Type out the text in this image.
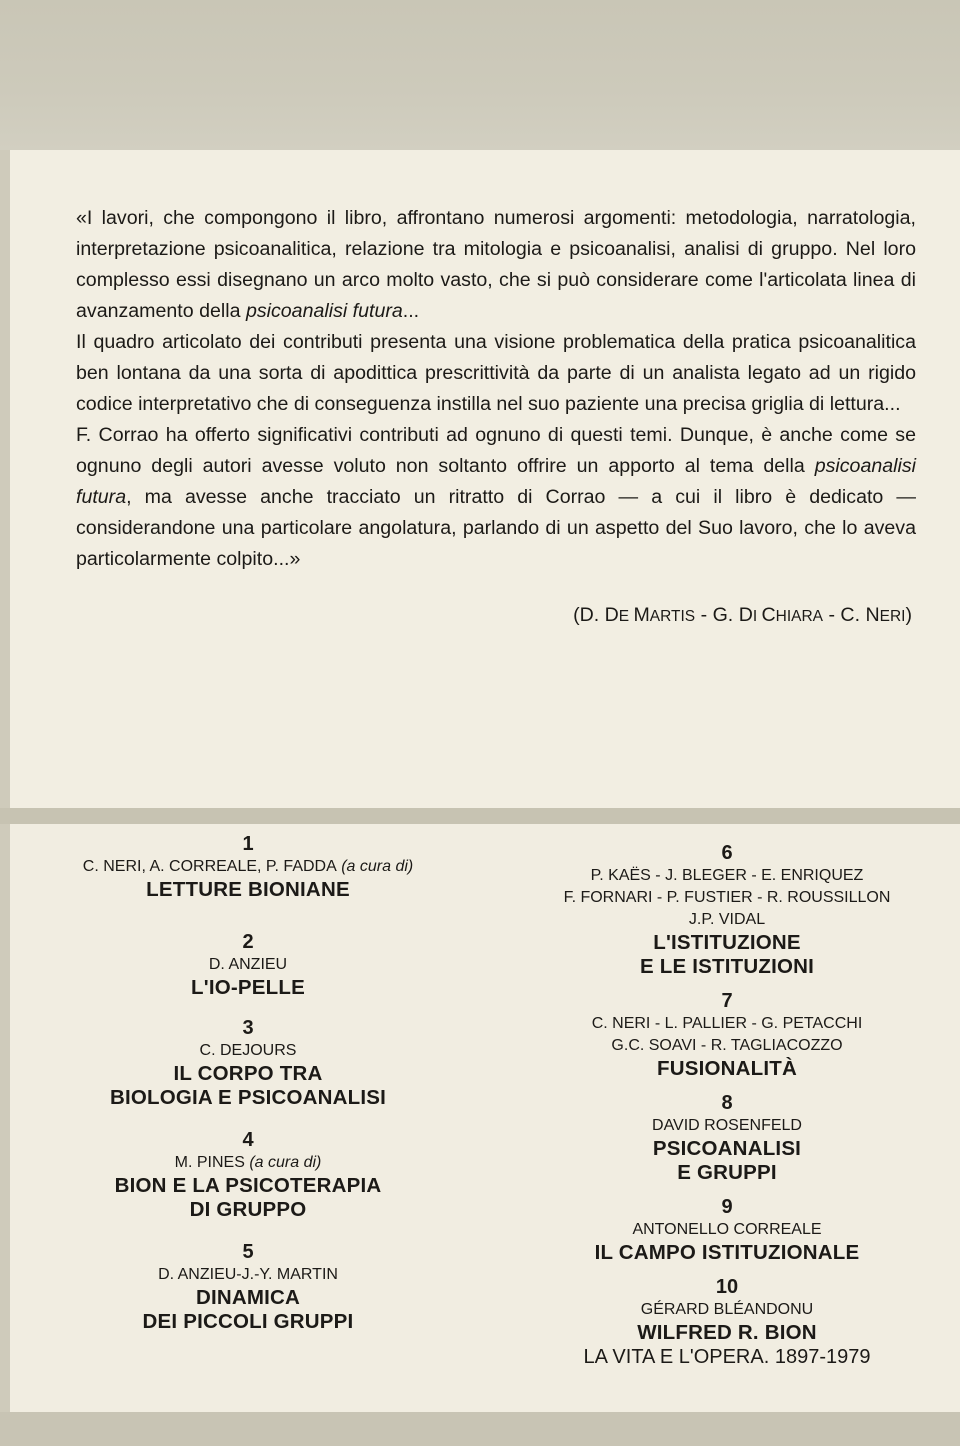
«I lavori, che compongono il libro, affrontano numerosi argomenti: metodologia, narratologia, interpretazione psicoanalitica, relazione tra mitologia e psicoanalisi, analisi di gruppo. Nel loro complesso essi disegnano un arco molto vasto, che si può considerare come l'articolata linea di avanzamento della psicoanalisi futura...

Il quadro articolato dei contributi presenta una visione problematica della pratica psicoanalitica ben lontana da una sorta di apodittica prescrittività da parte di un analista legato ad un rigido codice interpretativo che di conseguenza instilla nel suo paziente una precisa griglia di lettura...

F. Corrao ha offerto significativi contributi ad ognuno di questi temi. Dunque, è anche come se ognuno degli autori avesse voluto non soltanto offrire un apporto al tema della psicoanalisi futura, ma avesse anche tracciato un ritratto di Corrao — a cui il libro è dedicato — considerandone una particolare angolatura, parlando di un aspetto del Suo lavoro, che lo aveva particolarmente colpito...»

(D. DE MARTIS - G. DI CHIARA - C. NERI)
1
C. NERI, A. CORREALE, P. FADDA (a cura di)
LETTURE BIONIANE
2
D. ANZIEU
L'IO-PELLE
3
C. DEJOURS
IL CORPO TRA
BIOLOGIA E PSICOANALISI
4
M. PINES (a cura di)
BION E LA PSICOTERAPIA
DI GRUPPO
5
D. ANZIEU-J.-Y. MARTIN
DINAMICA
DEI PICCOLI GRUPPI
6
P. KAËS - J. BLEGER - E. ENRIQUEZ
F. FORNARI - P. FUSTIER - R. ROUSSILLON
J.P. VIDAL
L'ISTITUZIONE
E LE ISTITUZIONI
7
C. NERI - L. PALLIER - G. PETACCHI
G.C. SOAVI - R. TAGLIACOZZO
FUSIONALITÀ
8
DAVID ROSENFELD
PSICOANALISI
E GRUPPI
9
ANTONELLO CORREALE
IL CAMPO ISTITUZIONALE
10
GÉRARD BLÉANDONU
WILFRED R. BION
LA VITA E L'OPERA. 1897-1979
